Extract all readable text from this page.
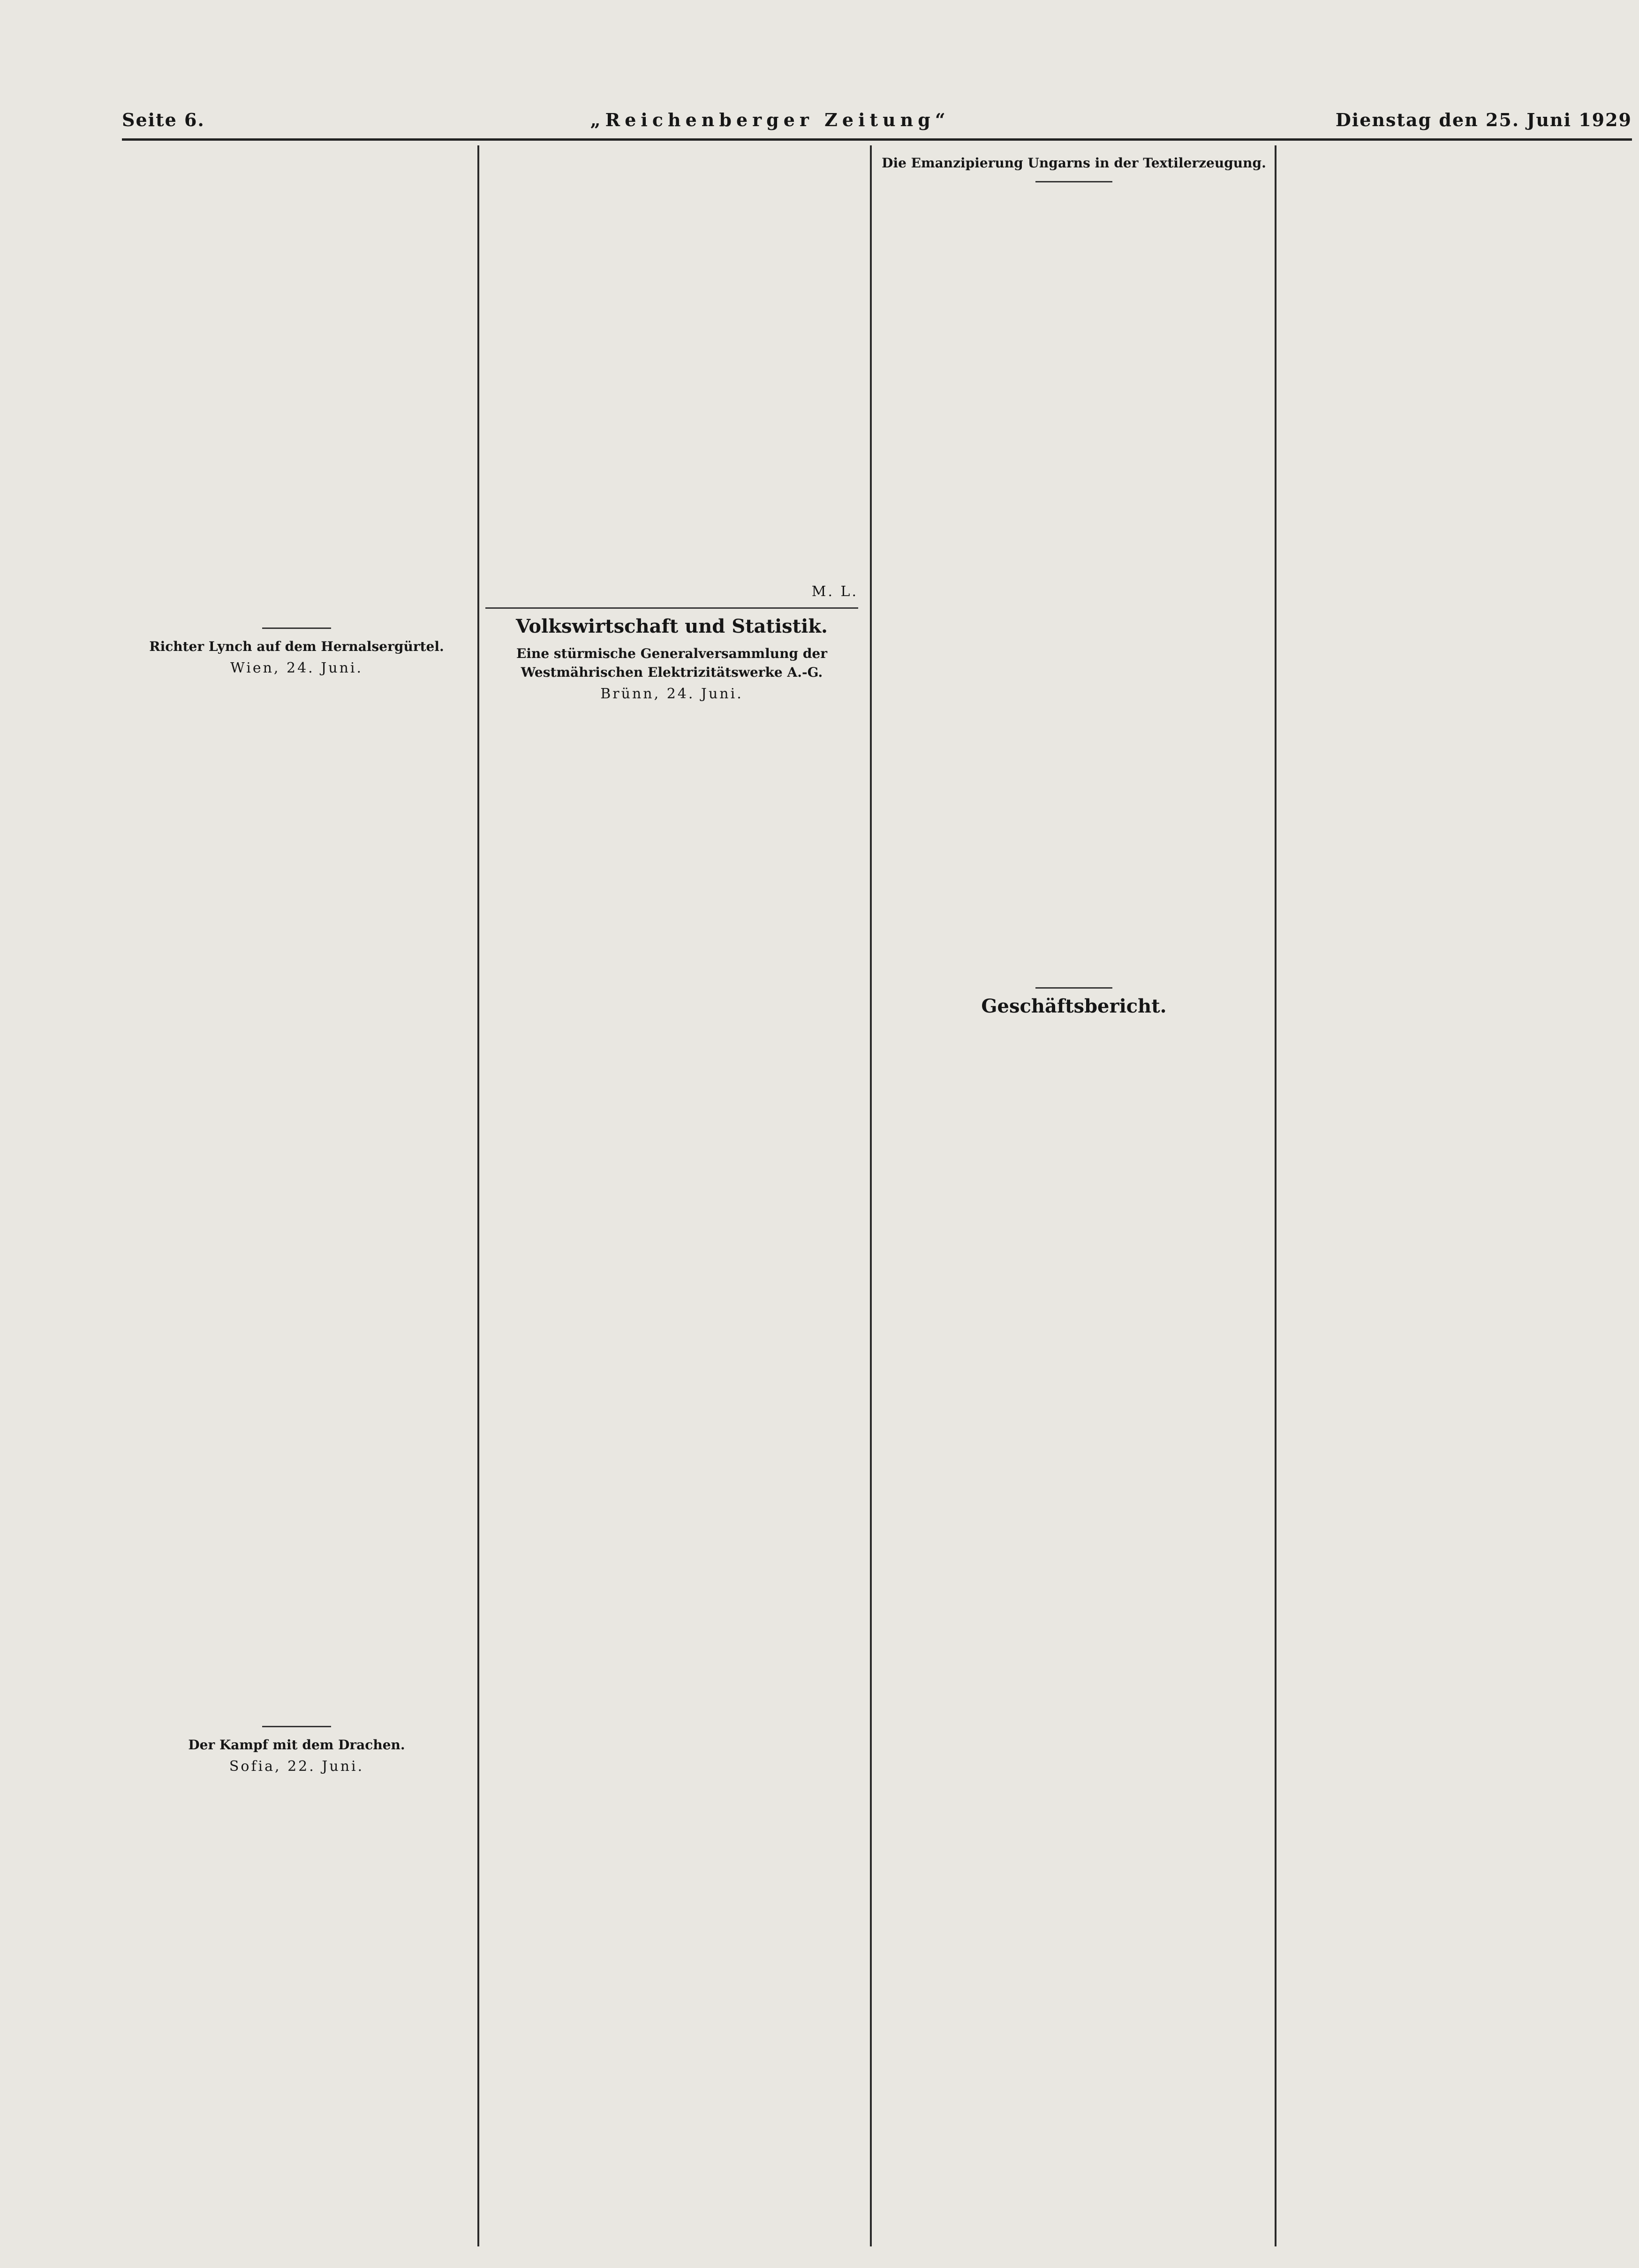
Seite 6.	„Reichenberger Zeitung“	Dienstag den 25. Juni 1929
Richter Lynch auf dem Hernalsergürtel.
Wien, 24. Juni.
Der Kampf mit dem Drachen.
Sofia, 22. Juni.
M. L.
Volkswirtschaft und Statistik.
Eine stürmische Generalversammlung der Westmährischen Elektrizitätswerke A.-G.
Brünn, 24. Juni.
Die Emanzipierung Ungarns in der Textilerzeugung.
Geschäftsbericht.
